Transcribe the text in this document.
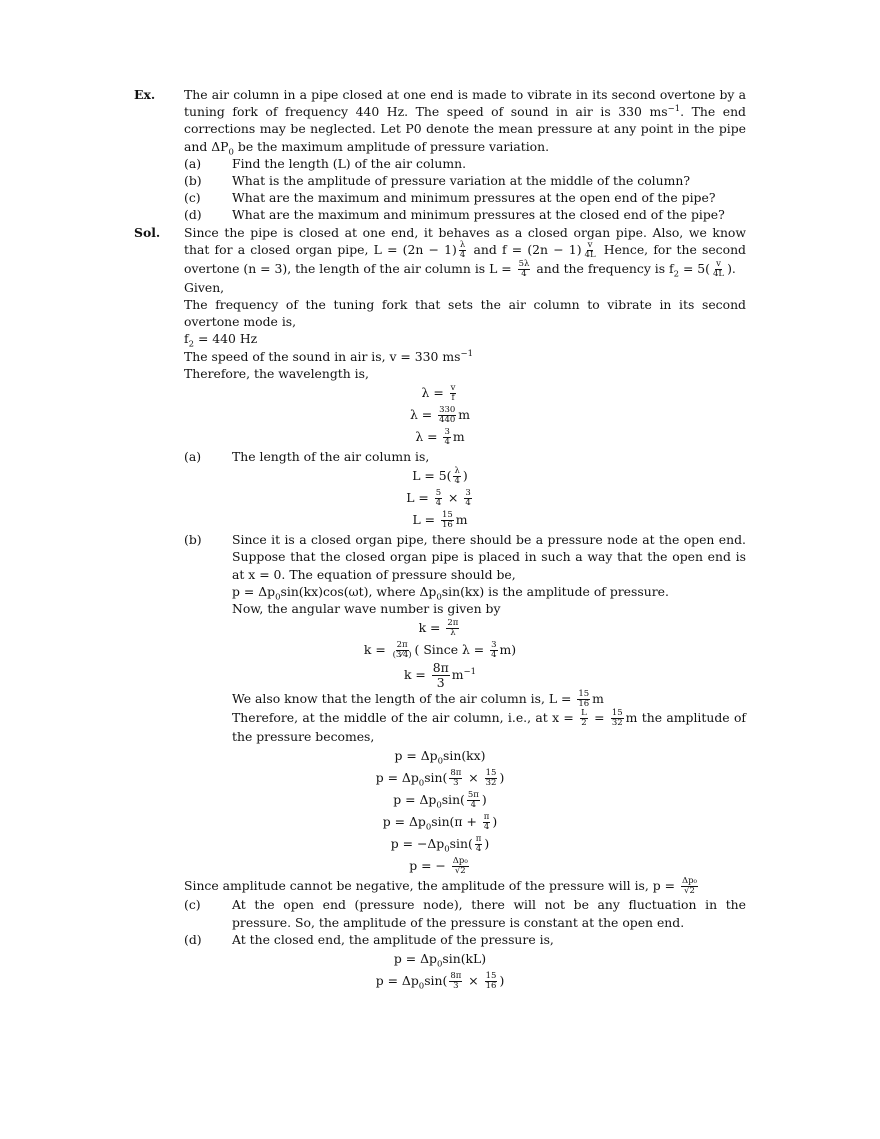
Ex. The air column in a pipe closed at one end is made to vibrate in its second overtone by a tuning fork of frequency 440 Hz. The speed of sound in air is 330 $ms^{-1}$. The end corrections may be neglected. Let P0 denote the mean pressure at any point in the pipe and $\Delta P_0$ be the maximum amplitude of pressure variation.
(a) Find the length (L) of the air column.
(b) What is the amplitude of pressure variation at the middle of the column?
(c)	What are the maximum and minimum pressures at the open end of the pipe?
(d) What are the maximum and minimum pressures at the closed end of the pipe?
Sol. Since the pipe is closed at one end, it behaves as a closed organ pipe. Also, we know that for a closed organ pipe, $L = (2n - 1) \frac{\lambda}{4}$ and $f = (2n - 1) \frac{v}{4L}$ Hence, for the second overtone (n = 3), the length of the air column is $L = \frac{5\lambda}{4}$ and the frequency is $f_2 = 5( \frac{v}{4L}$ ).
Given,
The frequency of the tuning fork that sets the air column to vibrate in its second overtone mode is,
$f_2 = 440$ Hz
The speed of the sound in air is, v = 330 $ms^{-1}$
Therefore, the wavelength is,
$\lambda = \frac{v}{f}$
$\lambda = \frac{330}{440}$ m
$\lambda = \frac{3}{4}$ m
(a) The length of the air column is,
$L = 5( \frac{\lambda}{4}$ )
$L = \frac{5}{4} \times \frac{3}{4}$
$L = \frac{15}{16}$ m
(b) Since it is a closed organ pipe, there should be a pressure node at the open end. Suppose that the closed organ pipe is placed in such a way that the open end is at x = 0. The equation of pressure should be,
$p = \Delta p_0\sin(kx)\cos(\omega t)$, where $\Delta p_0\sin(kx)$ is the amplitude of pressure.
Now, the angular wave number is given by
$k = \frac{2\pi}{\lambda}$
$k = \frac{2\pi}{(3⁄4)}$ ( Since $\lambda = \frac{3}{4} m$)
$k = \frac{8\pi}{3} m^{-1}$
We also know that the length of the air column is, $L = \frac{15}{16}$ m
Therefore, at the middle of the air column, i.e., at $x = \frac{L}{2} = \frac{15}{32}$ m the amplitude of the pressure becomes,
$p = \Delta p_0\sin(kx)$
$p = \Delta p_0\sin( \frac{8\pi}{3} \times \frac{15}{32}$ )
$p = \Delta p_0\sin( \frac{5\pi}{4}$ )
$p = \Delta p_0\sin(\pi + \frac{\pi}{4}$ )
$p = -\Delta p_0\sin( \frac{\pi}{4}$ )
p = − $\frac{\text{Δp₀}}{√2}$
Since amplitude cannot be negative, the amplitude of the pressure will is, $p = \frac{\text{Δp₀}}{√2}$
(c)	At the open end (pressure node), there will not be any fluctuation in the pressure. So, the amplitude of the pressure is constant at the open end.
(d) At the closed end, the amplitude of the pressure is,
$p = \Delta p_0\sin(kL)$
$p = \Delta p_0\sin( \frac{8\pi}{3} \times \frac{15}{16}$ )
